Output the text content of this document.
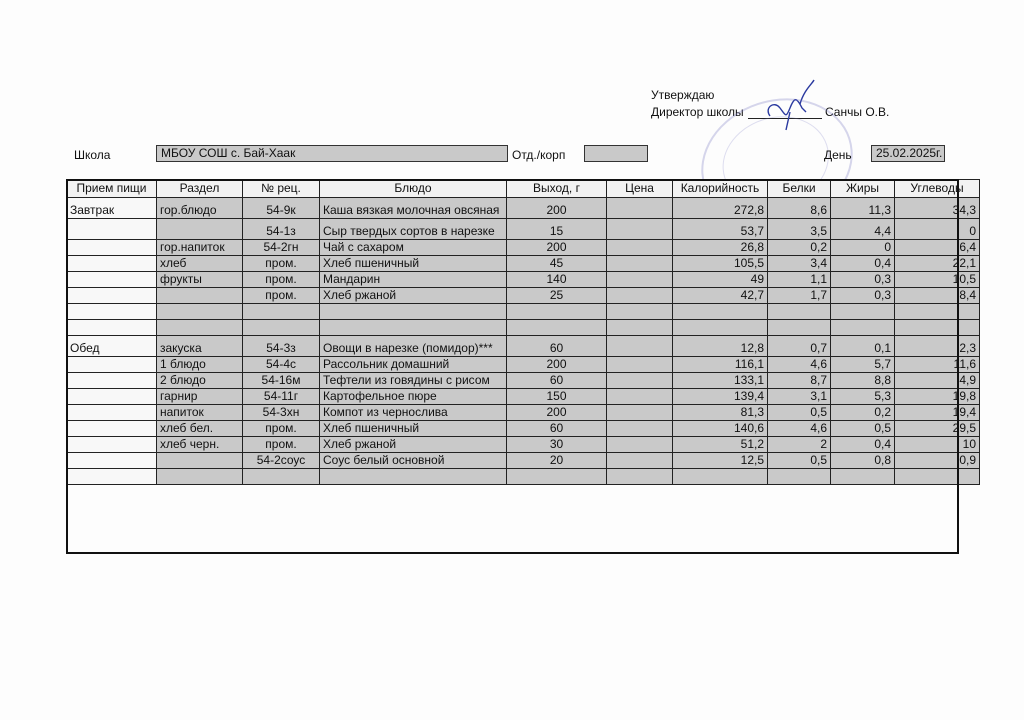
Утверждаю
Директор школы	Санчы О.В.
Школа	МБОУ СОШ с. Бай-Хаак	Отд./корп	День	25.02.2025г.
Прием пищи	Раздел	№ рец.	Блюдо	Выход, г	Цена	Калорийность	Белки	Жиры	Углеводы
Завтрак	гор.блюдо	54-9к	Каша вязкая молочная овсяная	200		272,8	8,6	11,3	34,3
		54-1з	Сыр твердых сортов в нарезке	15		53,7	3,5	4,4	0
	гор.напиток	54-2гн	Чай с сахаром	200		26,8	0,2	0	6,4
	хлеб	пром.	Хлеб пшеничный	45		105,5	3,4	0,4	22,1
	фрукты	пром.	Мандарин	140		49	1,1	0,3	10,5
		пром.	Хлеб ржаной	25		42,7	1,7	0,3	8,4

Обед	закуска	54-3з	Овощи в нарезке (помидор)***	60		12,8	0,7	0,1	2,3
	1 блюдо	54-4с	Рассольник домашний	200		116,1	4,6	5,7	11,6
	2 блюдо	54-16м	Тефтели из говядины с рисом	60		133,1	8,7	8,8	4,9
	гарнир	54-11г	Картофельное пюре	150		139,4	3,1	5,3	19,8
	напиток	54-3хн	Компот из чернослива	200		81,3	0,5	0,2	19,4
	хлеб бел.	пром.	Хлеб пшеничный	60		140,6	4,6	0,5	29,5
	хлеб черн.	пром.	Хлеб ржаной	30		51,2	2	0,4	10
		54-2соус	Соус белый основной	20		12,5	0,5	0,8	0,9
